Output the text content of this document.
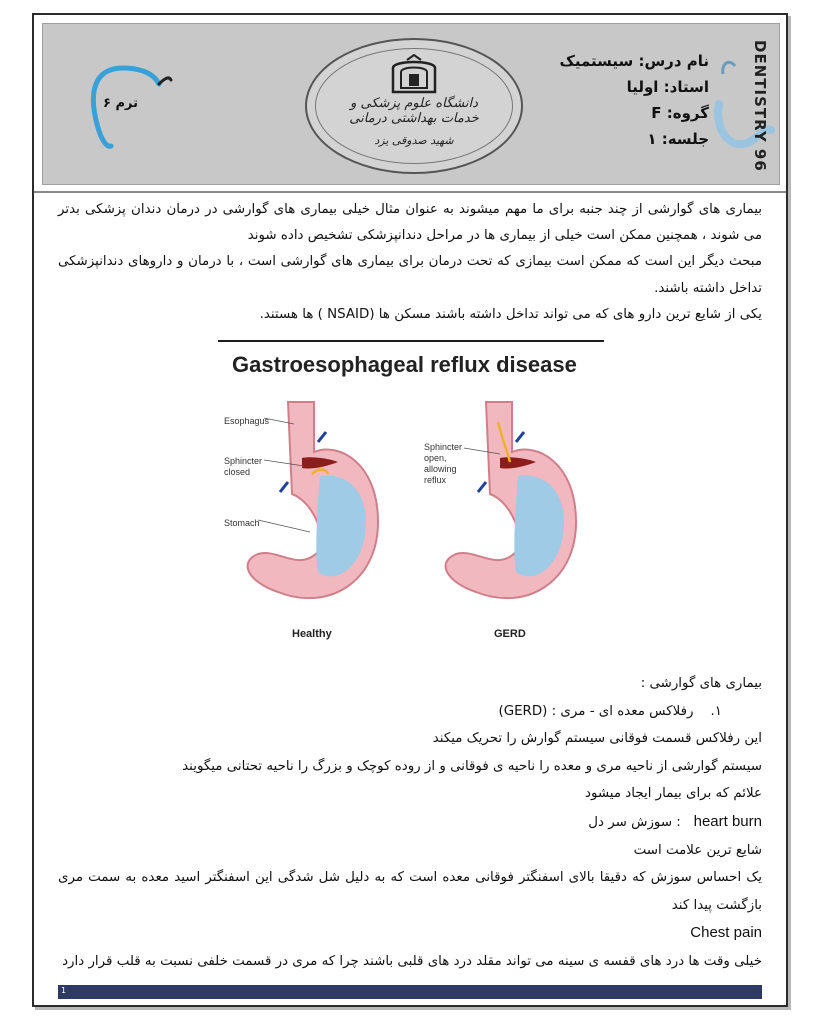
ترم ۶	دانشگاه علوم پزشکی و خدمات بهداشتی درمانی
شهید صدوقی یزد
نام درس: سیستمیک
استاد: اولیا
گروه: F
جلسه: ۱	DENTISTRY 96

بیماری های گوارشی از چند جنبه برای ما مهم میشوند به عنوان مثال خیلی بیماری های گوارشی در درمان دندان پزشکی بدتر می شوند ، همچنین ممکن است خیلی از بیماری ها در مراحل دندانپزشکی تشخیص داده شوند

مبحث دیگر این است که ممکن است بیمازی که تحت درمان برای بیماری های گوارشی است ، با درمان و داروهای دندانپزشکی تداخل داشته باشند.

یکی از شایع ترین دارو های که می تواند تداخل داشته باشند مسکن ها (NSAID ) ها هستند.

Gastroesophageal reflux disease
Esophagus
Sphincter closed
Stomach
Sphincter open, allowing reflux
Healthy	GERD

بیماری های گوارشی :

۱.    رفلاکس معده ای - مری : (GERD)

این رفلاکس قسمت فوقانی سیستم گوارش را تحریک میکند

سیستم گوارشی از ناحیه مری و معده را ناحیه ی فوقانی و از روده کوچک و بزرگ را ناحیه تحتانی میگویند

علائم که برای بیمار ایجاد میشود

heart burn   : سوزش سر دل

شایع ترین علامت است

یک احساس سوزش که دقیقا بالای اسفنگتر فوقانی معده است که به دلیل شل شدگی این اسفنگتر اسید معده به سمت مری بازگشت پیدا کند

Chest pain

خیلی وقت ها درد های قفسه ی سینه می تواند مقلد درد های قلبی باشند چرا که مری در قسمت خلفی نسبت به قلب قرار دارد

1
